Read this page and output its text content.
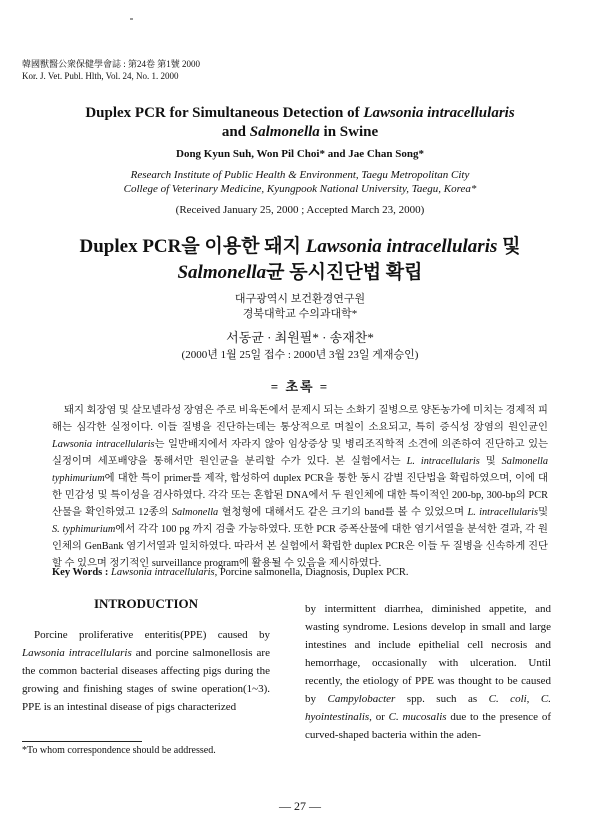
韓國獸醫公衆保健學會誌 : 第24卷 第1號 2000
Kor. J. Vet. Publ. Hlth, Vol. 24, No. 1. 2000
Duplex PCR for Simultaneous Detection of Lawsonia intracellularis
and Salmonella in Swine
Dong Kyun Suh, Won Pil Choi* and Jae Chan Song*
Research Institute of Public Health & Environment, Taegu Metropolitan City
College of Veterinary Medicine, Kyungpook National University, Taegu, Korea*
(Received January 25, 2000 ; Accepted March 23, 2000)
Duplex PCR을 이용한 돼지 Lawsonia intracellularis 및
Salmonella균 동시진단법 확립
대구광역시 보건환경연구원
경북대학교 수의과대학*
서동균 · 최원필* · 송재찬*
(2000년 1월 25일 접수 : 2000년 3월 23일 게재승인)
= 초록 =

돼지 회장염 및 살모넬라성 장염은 주로 비육돈에서 문제시 되는 소화기 질병으로 양돈농가에 미치는 경제적 피해는 심각한 실정이다. 이들 질병을 진단하는데는 통상적으로 며칠이 소요되고, 특히 증식성 장염의 원인균인 Lawsonia intracellularis는 일반배지에서 자라지 않아 임상증상 및 병리조직학적 소견에 의존하여 진단하고 있는 실정이며 세포배양을 통해서만 원인균을 분리할 수가 있다. 본 실험에서는 L. intracellularis 및 Salmonella typhimurium에 대한 특이 primer를 제작, 합성하여 duplex PCR을 통한 동시 감별 진단법을 확립하였으며, 이에 대한 민감성 및 특이성을 검사하였다. 각각 또는 혼합된 DNA에서 두 원인체에 대한 특이적인 200-bp, 300-bp의 PCR 산물을 확인하였고 12종의 Salmonella 혈청형에 대해서도 같은 크기의 band를 볼 수 있었으며 L. intracellularis및 S. typhimurium에서 각각 100 pg 까지 검출 가능하였다. 또한 PCR 증폭산물에 대한 염기서열을 분석한 결과, 각 원인체의 GenBank 염기서열과 일치하였다. 따라서 본 실험에서 확립한 duplex PCR은 이들 두 질병을 신속하게 진단할 수 있으며 정기적인 surveillance program에 활용될 수 있음을 제시하였다.

Key Words : Lawsonia intracellularis, Porcine salmonella, Diagnosis, Duplex PCR.
INTRODUCTION

Porcine proliferative enteritis(PPE) caused by Lawsonia intracellularis and porcine salmonellosis are the common bacterial diseases affecting pigs during the growing and finishing stages of swine operation(1~3). PPE is an intestinal disease of pigs characterized

by intermittent diarrhea, diminished appetite, and wasting syndrome. Lesions develop in small and large intestines and include epithelial cell necrosis and hemorrhage, occasionally with ulceration. Until recently, the etiology of PPE was thought to be caused by Campylobacter spp. such as C. coli, C. hyointestinalis, or C. mucosalis due to the presence of curved-shaped bacteria within the aden-

*To whom correspondence should be addressed.
— 27 —
